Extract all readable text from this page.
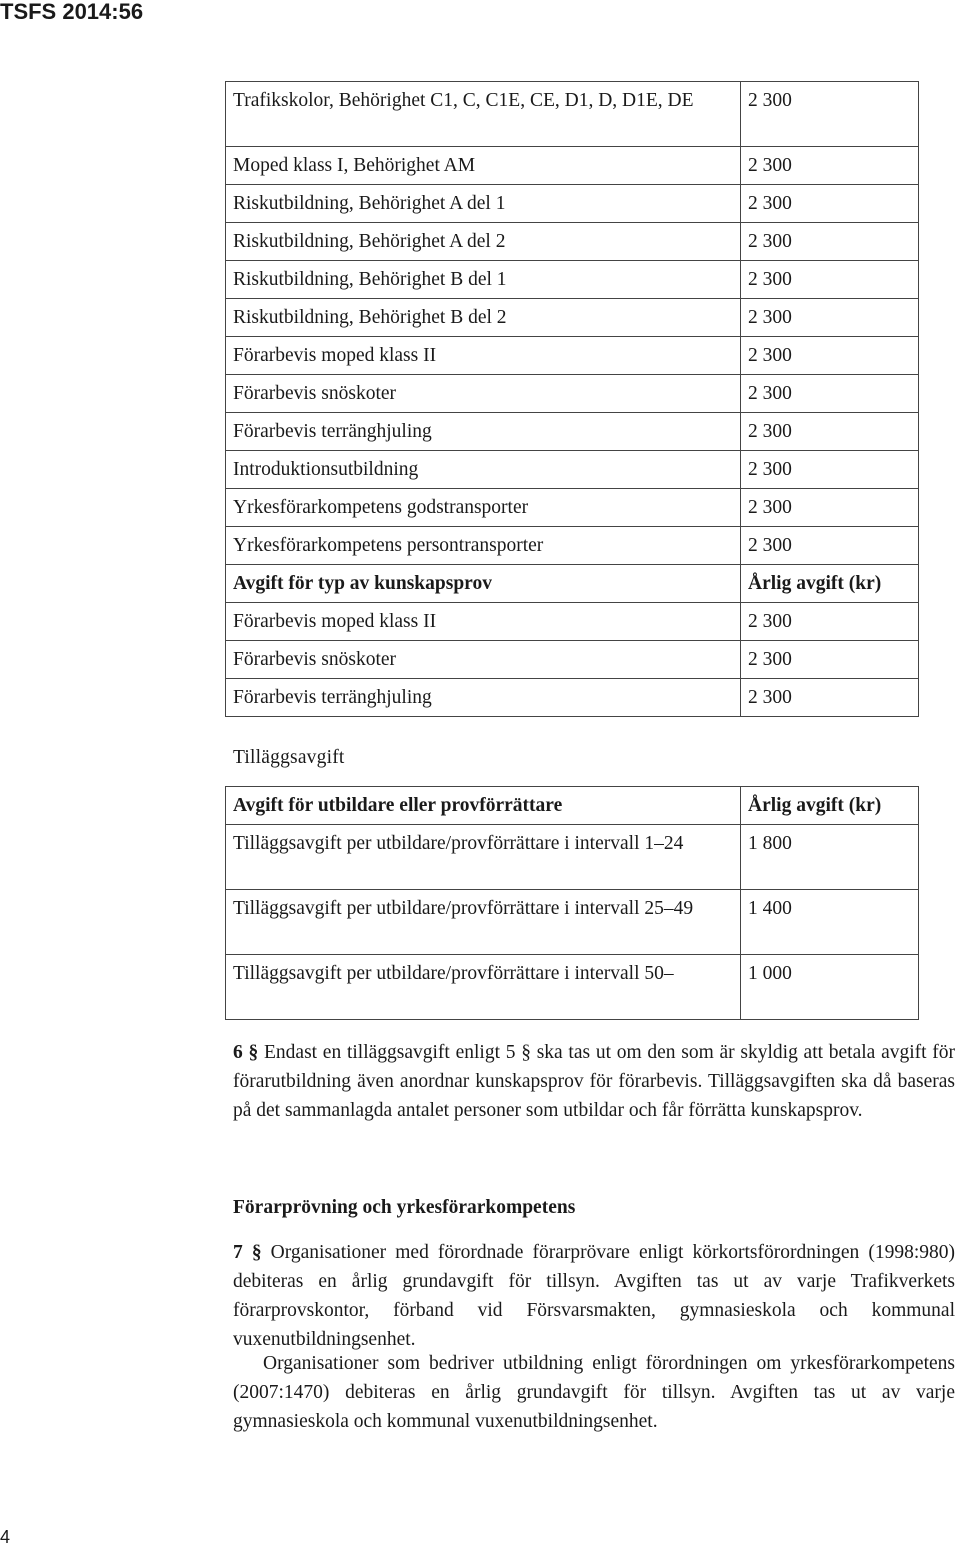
TSFS 2014:56
Trafikskolor, Behörighet C1, C, C1E, CE, D1, D, D1E, DE	2 300
Moped klass I, Behörighet AM	2 300
Riskutbildning, Behörighet A del 1	2 300
Riskutbildning, Behörighet A del 2	2 300
Riskutbildning, Behörighet B del 1	2 300
Riskutbildning, Behörighet B del 2	2 300
Förarbevis moped klass II	2 300
Förarbevis snöskoter	2 300
Förarbevis terränghjuling	2 300
Introduktionsutbildning	2 300
Yrkesförarkompetens godstransporter	2 300
Yrkesförarkompetens persontransporter	2 300
Avgift för typ av kunskapsprov	Årlig avgift (kr)
Förarbevis moped klass II	2 300
Förarbevis snöskoter	2 300
Förarbevis terränghjuling	2 300
Tilläggsavgift
Avgift för utbildare eller provförrättare	Årlig avgift (kr)
Tilläggsavgift per utbildare/provförrättare i intervall 1–24	1 800
Tilläggsavgift per utbildare/provförrättare i intervall 25–49	1 400
Tilläggsavgift per utbildare/provförrättare i intervall 50–	1 000
6 § Endast en tilläggsavgift enligt 5 § ska tas ut om den som är skyldig att betala avgift för förarutbildning även anordnar kunskapsprov för förarbevis. Tilläggsavgiften ska då baseras på det sammanlagda antalet personer som utbildar och får förrätta kunskapsprov.
Förarprövning och yrkesförarkompetens
7 § Organisationer med förordnade förarprövare enligt körkortsförordningen (1998:980) debiteras en årlig grundavgift för tillsyn. Avgiften tas ut av varje Trafikverkets förarprovskontor, förband vid Försvarsmakten, gymnasieskola och kommunal vuxenutbildningsenhet.
Organisationer som bedriver utbildning enligt förordningen om yrkesförarkompetens (2007:1470) debiteras en årlig grundavgift för tillsyn. Avgiften tas ut av varje gymnasieskola och kommunal vuxenutbildningsenhet.
4
